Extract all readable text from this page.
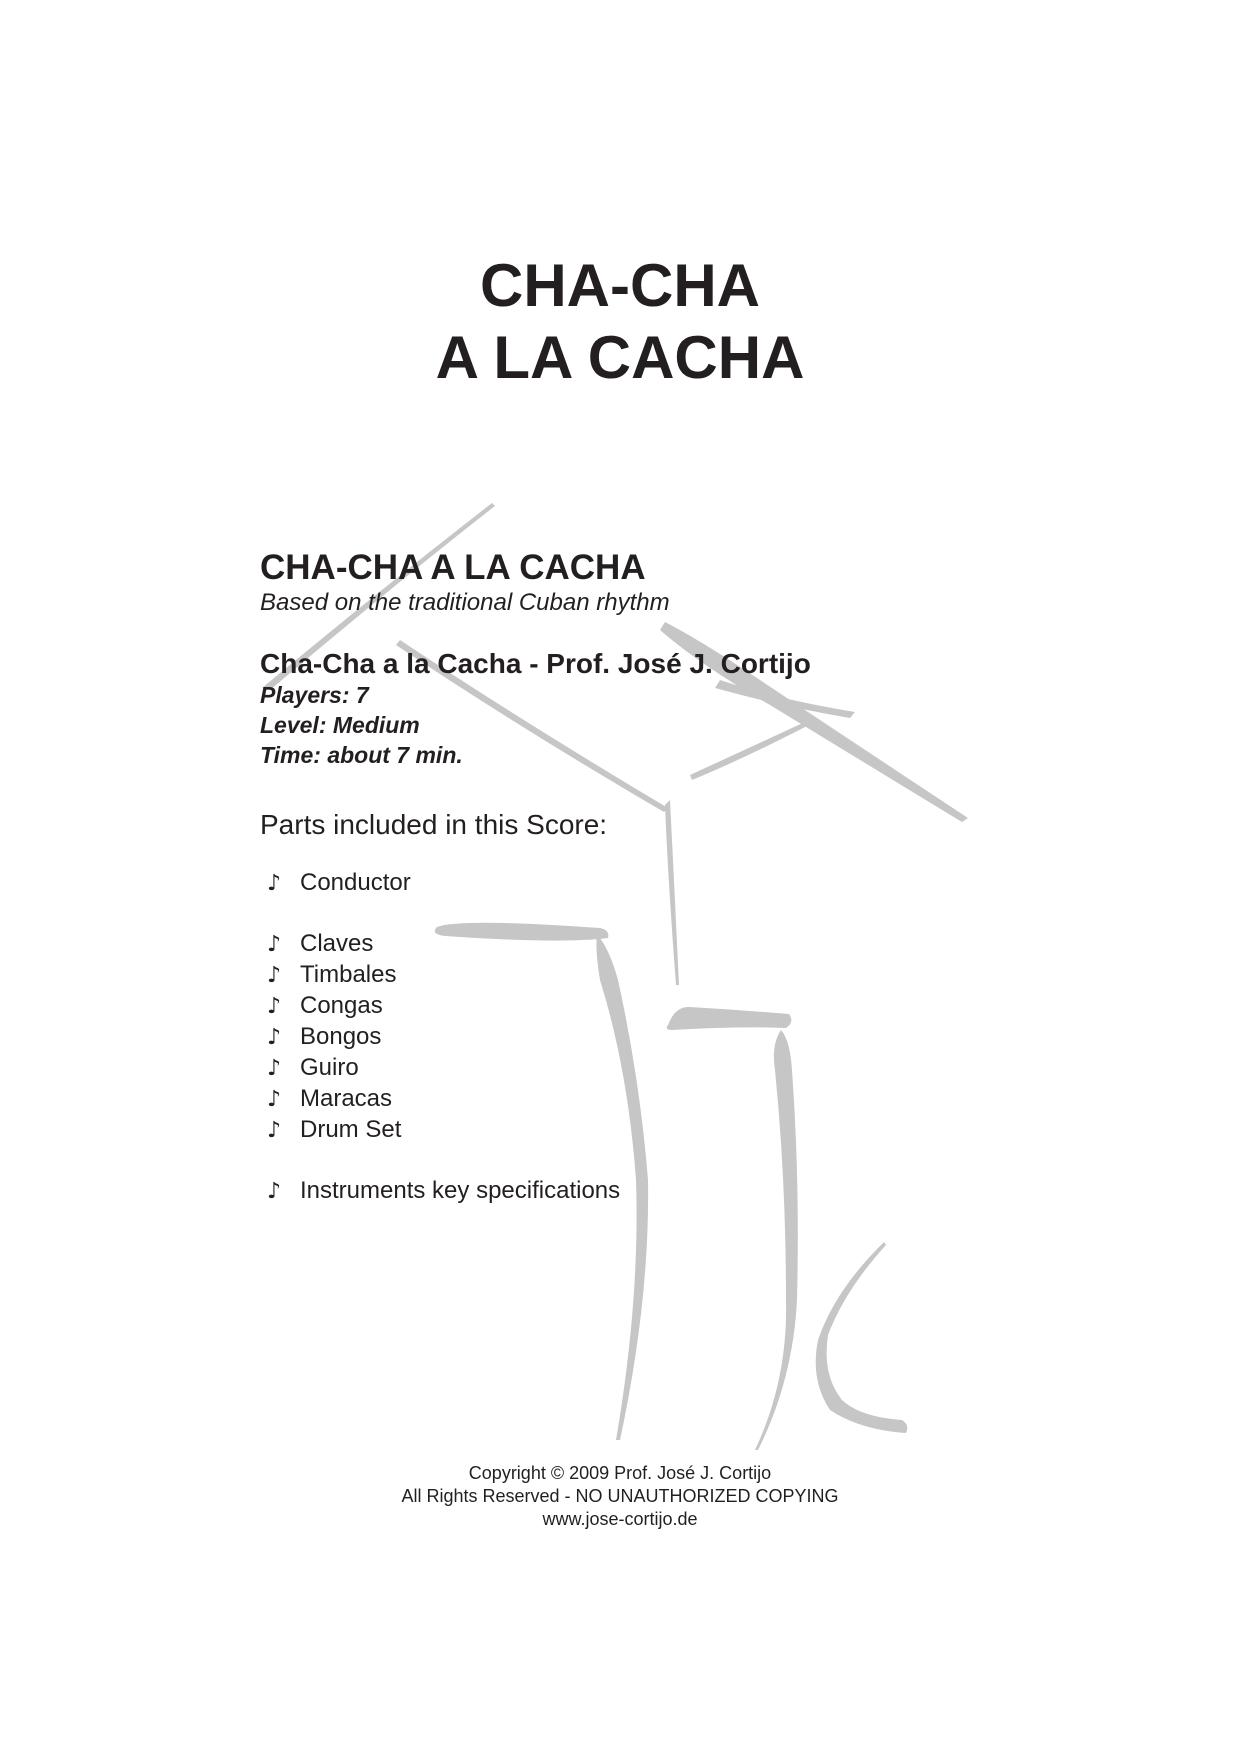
CHA-CHA
A LA CACHA
CHA-CHA A LA CACHA
Based on the traditional Cuban rhythm
Cha-Cha a la Cacha - Prof. José J. Cortijo
Players: 7
Level: Medium
Time: about 7 min.
Parts included in this Score:
♪ Conductor
♪ Claves
♪ Timbales
♪ Congas
♪ Bongos
♪ Guiro
♪ Maracas
♪ Drum Set
♪ Instruments key specifications
Copyright © 2009 Prof. José J. Cortijo
All Rights Reserved - NO UNAUTHORIZED COPYING
www.jose-cortijo.de
